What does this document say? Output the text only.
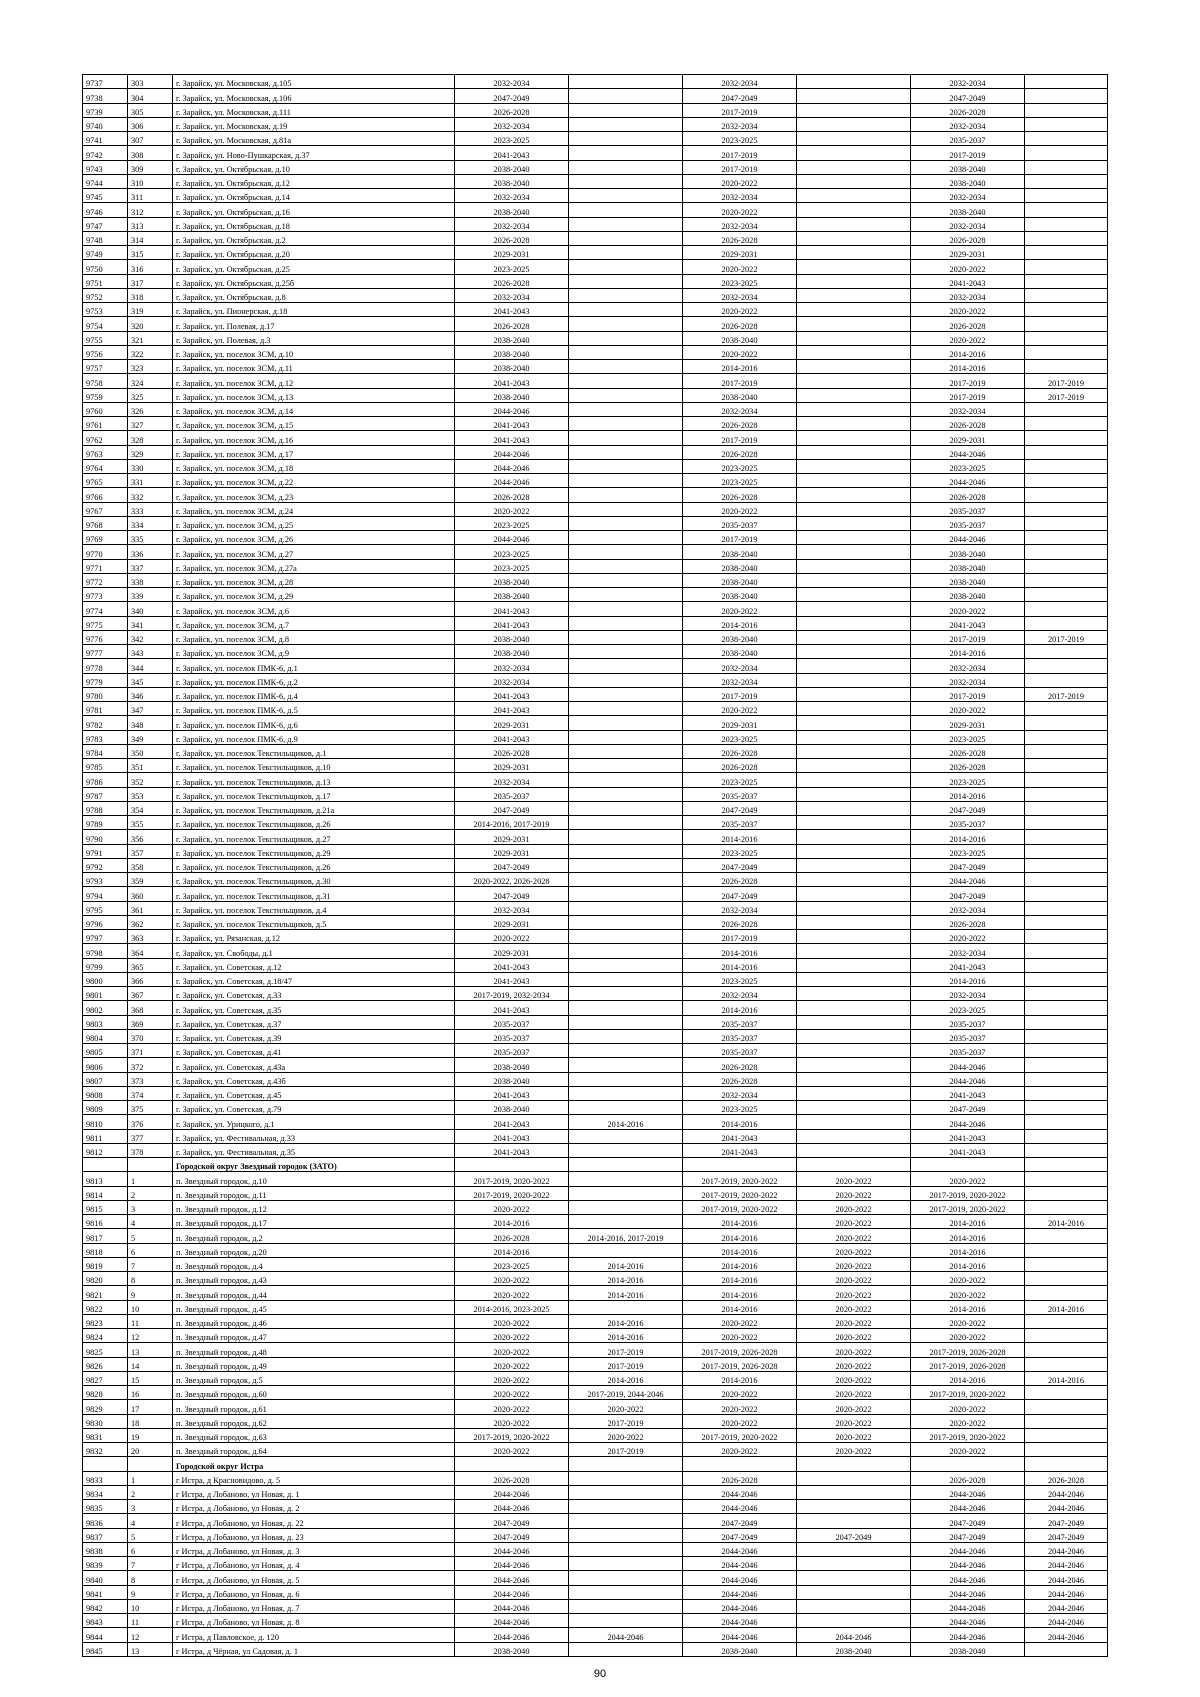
9737	303	г. Зарайск, ул. Московская, д.105	2032-2034		2032-2034		2032-2034	
9738	304	г. Зарайск, ул. Московская, д.106	2047-2049		2047-2049		2047-2049	
9739	305	г. Зарайск, ул. Московская, д.111	2026-2028		2017-2019		2026-2028	
9740	306	г. Зарайск, ул. Московская, д.19	2032-2034		2032-2034		2032-2034	
9741	307	г. Зарайск, ул. Московская, д.81а	2023-2025		2023-2025		2035-2037	
9742	308	г. Зарайск, ул. Ново-Пушкарская, д.37	2041-2043		2017-2019		2017-2019	
9743	309	г. Зарайск, ул. Октябрьская, д.10	2038-2040		2017-2019		2038-2040	
9744	310	г. Зарайск, ул. Октябрьская, д.12	2038-2040		2020-2022		2038-2040	
9745	311	г. Зарайск, ул. Октябрьская, д.14	2032-2034		2032-2034		2032-2034	
9746	312	г. Зарайск, ул. Октябрьская, д.16	2038-2040		2020-2022		2038-2040	
9747	313	г. Зарайск, ул. Октябрьская, д.18	2032-2034		2032-2034		2032-2034	
9748	314	г. Зарайск, ул. Октябрьская, д.2	2026-2028		2026-2028		2026-2028	
9749	315	г. Зарайск, ул. Октябрьская, д.20	2029-2031		2029-2031		2029-2031	
9750	316	г. Зарайск, ул. Октябрьская, д.25	2023-2025		2020-2022		2020-2022	
9751	317	г. Зарайск, ул. Октябрьская, д.25б	2026-2028		2023-2025		2041-2043	
9752	318	г. Зарайск, ул. Октябрьская, д.8	2032-2034		2032-2034		2032-2034	
9753	319	г. Зарайск, ул. Пионерская, д.18	2041-2043		2020-2022		2020-2022	
9754	320	г. Зарайск, ул. Полевая, д.17	2026-2028		2026-2028		2026-2028	
9755	321	г. Зарайск, ул. Полевая, д.3	2038-2040		2038-2040		2020-2022	
9756	322	г. Зарайск, ул. поселок ЗСМ, д.10	2038-2040		2020-2022		2014-2016	
9757	323	г. Зарайск, ул. поселок ЗСМ, д.11	2038-2040		2014-2016		2014-2016	
9758	324	г. Зарайск, ул. поселок ЗСМ, д.12	2041-2043		2017-2019		2017-2019	2017-2019
9759	325	г. Зарайск, ул. поселок ЗСМ, д.13	2038-2040		2038-2040		2017-2019	2017-2019
9760	326	г. Зарайск, ул. поселок ЗСМ, д.14	2044-2046		2032-2034		2032-2034	
9761	327	г. Зарайск, ул. поселок ЗСМ, д.15	2041-2043		2026-2028		2026-2028	
9762	328	г. Зарайск, ул. поселок ЗСМ, д.16	2041-2043		2017-2019		2029-2031	
9763	329	г. Зарайск, ул. поселок ЗСМ, д.17	2044-2046		2026-2028		2044-2046	
9764	330	г. Зарайск, ул. поселок ЗСМ, д.18	2044-2046		2023-2025		2023-2025	
9765	331	г. Зарайск, ул. поселок ЗСМ, д.22	2044-2046		2023-2025		2044-2046	
9766	332	г. Зарайск, ул. поселок ЗСМ, д.23	2026-2028		2026-2028		2026-2028	
9767	333	г. Зарайск, ул. поселок ЗСМ, д.24	2020-2022		2020-2022		2035-2037	
9768	334	г. Зарайск, ул. поселок ЗСМ, д.25	2023-2025		2035-2037		2035-2037	
9769	335	г. Зарайск, ул. поселок ЗСМ, д.26	2044-2046		2017-2019		2044-2046	
9770	336	г. Зарайск, ул. поселок ЗСМ, д.27	2023-2025		2038-2040		2038-2040	
9771	337	г. Зарайск, ул. поселок ЗСМ, д.27а	2023-2025		2038-2040		2038-2040	
9772	338	г. Зарайск, ул. поселок ЗСМ, д.28	2038-2040		2038-2040		2038-2040	
9773	339	г. Зарайск, ул. поселок ЗСМ, д.29	2038-2040		2038-2040		2038-2040	
9774	340	г. Зарайск, ул. поселок ЗСМ, д.6	2041-2043		2020-2022		2020-2022	
9775	341	г. Зарайск, ул. поселок ЗСМ, д.7	2041-2043		2014-2016		2041-2043	
9776	342	г. Зарайск, ул. поселок ЗСМ, д.8	2038-2040		2038-2040		2017-2019	2017-2019
9777	343	г. Зарайск, ул. поселок ЗСМ, д.9	2038-2040		2038-2040		2014-2016	
9778	344	г. Зарайск, ул. поселок ПМК-6, д.1	2032-2034		2032-2034		2032-2034	
9779	345	г. Зарайск, ул. поселок ПМК-6, д.2	2032-2034		2032-2034		2032-2034	
9780	346	г. Зарайск, ул. поселок ПМК-6, д.4	2041-2043		2017-2019		2017-2019	2017-2019
9781	347	г. Зарайск, ул. поселок ПМК-6, д.5	2041-2043		2020-2022		2020-2022	
9782	348	г. Зарайск, ул. поселок ПМК-6, д.6	2029-2031		2029-2031		2029-2031	
9783	349	г. Зарайск, ул. поселок ПМК-6, д.9	2041-2043		2023-2025		2023-2025	
9784	350	г. Зарайск, ул. поселок Текстильщиков, д.1	2026-2028		2026-2028		2026-2028	
9785	351	г. Зарайск, ул. поселок Текстильщиков, д.10	2029-2031		2026-2028		2026-2028	
9786	352	г. Зарайск, ул. поселок Текстильщиков, д.13	2032-2034		2023-2025		2023-2025	
9787	353	г. Зарайск, ул. поселок Текстильщиков, д.17	2035-2037		2035-2037		2014-2016	
9788	354	г. Зарайск, ул. поселок Текстильщиков, д.21а	2047-2049		2047-2049		2047-2049	
9789	355	г. Зарайск, ул. поселок Текстильщиков, д.26	2014-2016, 2017-2019		2035-2037		2035-2037	
9790	356	г. Зарайск, ул. поселок Текстильщиков, д.27	2029-2031		2014-2016		2014-2016	
9791	357	г. Зарайск, ул. поселок Текстильщиков, д.29	2029-2031		2023-2025		2023-2025	
9792	358	г. Зарайск, ул. поселок Текстильщиков, д.26	2047-2049		2047-2049		2047-2049	
9793	359	г. Зарайск, ул. поселок Текстильщиков, д.30	2020-2022, 2026-2028		2026-2028		2044-2046	
9794	360	г. Зарайск, ул. поселок Текстильщиков, д.31	2047-2049		2047-2049		2047-2049	
9795	361	г. Зарайск, ул. поселок Текстильщиков, д.4	2032-2034		2032-2034		2032-2034	
9796	362	г. Зарайск, ул. поселок Текстильщиков, д.5	2029-2031		2026-2028		2026-2028	
9797	363	г. Зарайск, ул. Рязанская, д.12	2020-2022		2017-2019		2020-2022	
9798	364	г. Зарайск, ул. Свободы, д.1	2029-2031		2014-2016		2032-2034	
9799	365	г. Зарайск, ул. Советская, д.12	2041-2043		2014-2016		2041-2043	
9800	366	г. Зарайск, ул. Советская, д.18/47	2041-2043		2023-2025		2014-2016	
9801	367	г. Зарайск, ул. Советская, д.33	2017-2019, 2032-2034		2032-2034		2032-2034	
9802	368	г. Зарайск, ул. Советская, д.35	2041-2043		2014-2016		2023-2025	
9803	369	г. Зарайск, ул. Советская, д.37	2035-2037		2035-2037		2035-2037	
9804	370	г. Зарайск, ул. Советская, д.39	2035-2037		2035-2037		2035-2037	
9805	371	г. Зарайск, ул. Советская, д.41	2035-2037		2035-2037		2035-2037	
9806	372	г. Зарайск, ул. Советская, д.43а	2038-2040		2026-2028		2044-2046	
9807	373	г. Зарайск, ул. Советская, д.43б	2038-2040		2026-2028		2044-2046	
9808	374	г. Зарайск, ул. Советская, д.45	2041-2043		2032-2034		2041-2043	
9809	375	г. Зарайск, ул. Советская, д.79	2038-2040		2023-2025		2047-2049	
9810	376	г. Зарайск, ул. Урицкого, д.1	2041-2043	2014-2016	2014-2016		2044-2046	
9811	377	г. Зарайск, ул. Фестивальная, д.33	2041-2043		2041-2043		2041-2043	
9812	378	г. Зарайск, ул. Фестивальная, д.35	2041-2043		2041-2043		2041-2043	
		Городской округ Звездный городок (ЗАТО)						
9813	1	п. Звездный городок, д.10	2017-2019, 2020-2022		2017-2019, 2020-2022	2020-2022	2020-2022	
9814	2	п. Звездный городок, д.11	2017-2019, 2020-2022		2017-2019, 2020-2022	2020-2022	2017-2019, 2020-2022	
9815	3	п. Звездный городок, д.12	2020-2022		2017-2019, 2020-2022	2020-2022	2017-2019, 2020-2022	
9816	4	п. Звездный городок, д.17	2014-2016		2014-2016	2020-2022	2014-2016	2014-2016
9817	5	п. Звездный городок, д.2	2026-2028	2014-2016, 2017-2019	2014-2016	2020-2022	2014-2016	
9818	6	п. Звездный городок, д.20	2014-2016		2014-2016	2020-2022	2014-2016	
9819	7	п. Звездный городок, д.4	2023-2025	2014-2016	2014-2016	2020-2022	2014-2016	
9820	8	п. Звездный городок, д.43	2020-2022	2014-2016	2014-2016	2020-2022	2020-2022	
9821	9	п. Звездный городок, д.44	2020-2022	2014-2016	2014-2016	2020-2022	2020-2022	
9822	10	п. Звездный городок, д.45	2014-2016, 2023-2025		2014-2016	2020-2022	2014-2016	2014-2016
9823	11	п. Звездный городок, д.46	2020-2022	2014-2016	2020-2022	2020-2022	2020-2022	
9824	12	п. Звездный городок, д.47	2020-2022	2014-2016	2020-2022	2020-2022	2020-2022	
9825	13	п. Звездный городок, д.48	2020-2022	2017-2019	2017-2019, 2026-2028	2020-2022	2017-2019, 2026-2028	
9826	14	п. Звездный городок, д.49	2020-2022	2017-2019	2017-2019, 2026-2028	2020-2022	2017-2019, 2026-2028	
9827	15	п. Звездный городок, д.5	2020-2022	2014-2016	2014-2016	2020-2022	2014-2016	2014-2016
9828	16	п. Звездный городок, д.60	2020-2022	2017-2019, 2044-2046	2020-2022	2020-2022	2017-2019, 2020-2022	
9829	17	п. Звездный городок, д.61	2020-2022	2020-2022	2020-2022	2020-2022	2020-2022	
9830	18	п. Звездный городок, д.62	2020-2022	2017-2019	2020-2022	2020-2022	2020-2022	
9831	19	п. Звездный городок, д.63	2017-2019, 2020-2022	2020-2022	2017-2019, 2020-2022	2020-2022	2017-2019, 2020-2022	
9832	20	п. Звездный городок, д.64	2020-2022	2017-2019	2020-2022	2020-2022	2020-2022	
		Городской округ Истра						
9833	1	г Истра, д Красновидово, д. 5	2026-2028		2026-2028		2026-2028	2026-2028
9834	2	г Истра, д Лобаново, ул Новая, д. 1	2044-2046		2044-2046		2044-2046	2044-2046
9835	3	г Истра, д Лобаново, ул Новая, д. 2	2044-2046		2044-2046		2044-2046	2044-2046
9836	4	г Истра, д Лобаново, ул Новая, д. 22	2047-2049		2047-2049		2047-2049	2047-2049
9837	5	г Истра, д Лобаново, ул Новая, д. 23	2047-2049		2047-2049	2047-2049	2047-2049	2047-2049
9838	6	г Истра, д Лобаново, ул Новая, д. 3	2044-2046		2044-2046		2044-2046	2044-2046
9839	7	г Истра, д Лобаново, ул Новая, д. 4	2044-2046		2044-2046		2044-2046	2044-2046
9840	8	г Истра, д Лобаново, ул Новая, д. 5	2044-2046		2044-2046		2044-2046	2044-2046
9841	9	г Истра, д Лобаново, ул Новая, д. 6	2044-2046		2044-2046		2044-2046	2044-2046
9842	10	г Истра, д Лобаново, ул Новая, д. 7	2044-2046		2044-2046		2044-2046	2044-2046
9843	11	г Истра, д Лобаново, ул Новая, д. 8	2044-2046		2044-2046		2044-2046	2044-2046
9844	12	г Истра, д Павловское, д. 120	2044-2046	2044-2046	2044-2046	2044-2046	2044-2046	2044-2046
9845	13	г Истра, д Чёрная, ул Садовая, д. 1	2038-2040		2038-2040	2038-2040	2038-2040	
90
